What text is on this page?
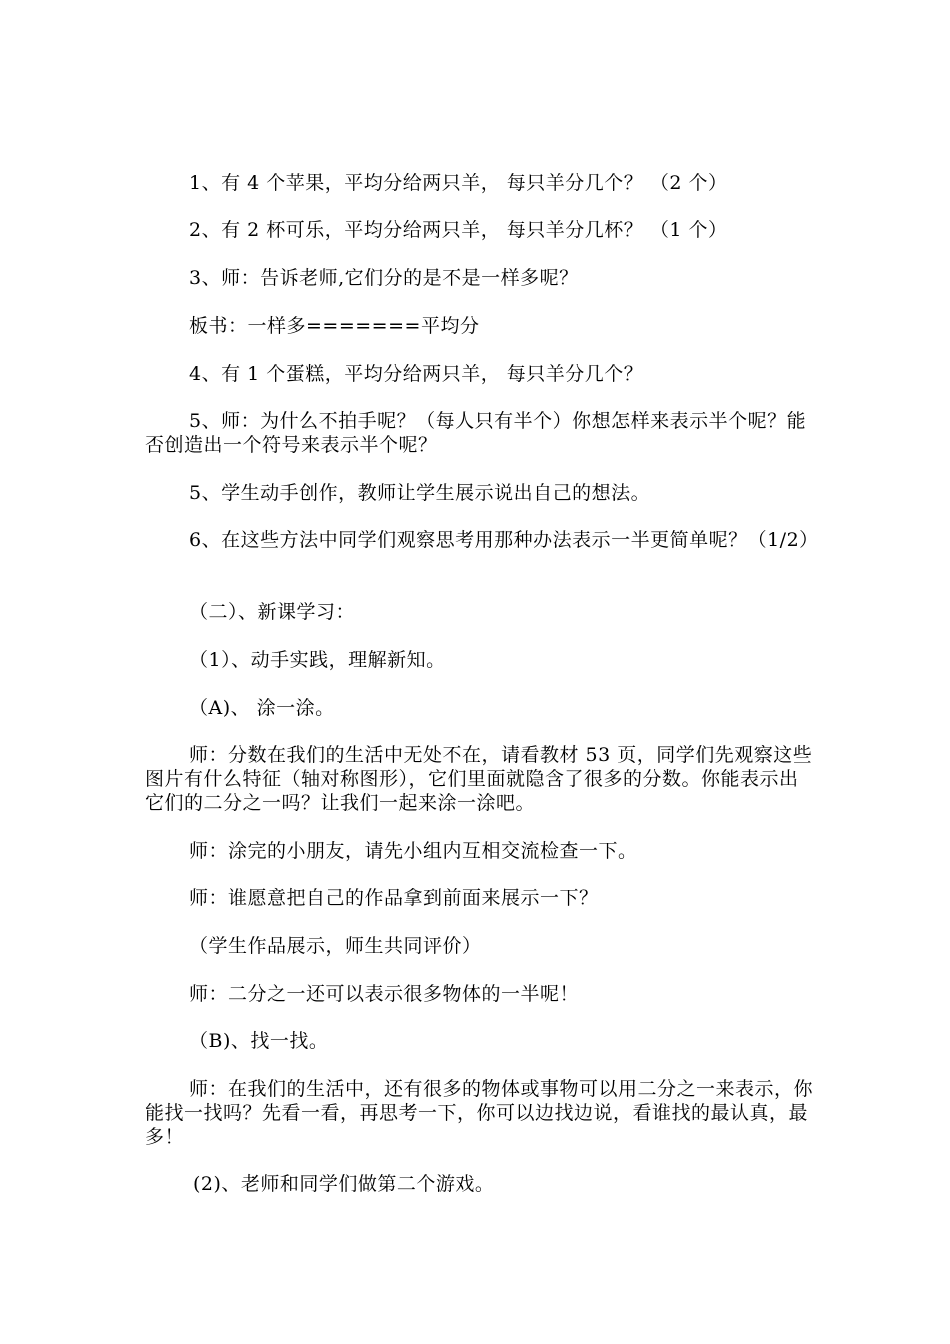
1、有 4 个苹果，平均分给两只羊， 每只羊分几个？ （2 个）
2、有 2 杯可乐，平均分给两只羊， 每只羊分几杯？ （1 个）
3、师：告诉老师,它们分的是不是一样多呢？
板书：一样多=======平均分
4、有 1 个蛋糕，平均分给两只羊， 每只羊分几个？
5、师：为什么不拍手呢？（每人只有半个）你想怎样来表示半个呢？能否创造出一个符号来表示半个呢？
5、学生动手创作，教师让学生展示说出自己的想法。
6、在这些方法中同学们观察思考用那种办法表示一半更简单呢？（1/2）
（二）、新课学习：
（1）、动手实践，理解新知。
（A)、 涂一涂。
师：分数在我们的生活中无处不在，请看教材 53 页，同学们先观察这些图片有什么特征（轴对称图形），它们里面就隐含了很多的分数。你能表示出它们的二分之一吗？让我们一起来涂一涂吧。
师：涂完的小朋友，请先小组内互相交流检查一下。
师：谁愿意把自己的作品拿到前面来展示一下？
（学生作品展示，师生共同评价）
师：二分之一还可以表示很多物体的一半呢！
（B)、找一找。
师：在我们的生活中，还有很多的物体或事物可以用二分之一来表示，你能找一找吗？先看一看，再思考一下，你可以边找边说，看谁找的最认真，最多！
(2)、老师和同学们做第二个游戏。
